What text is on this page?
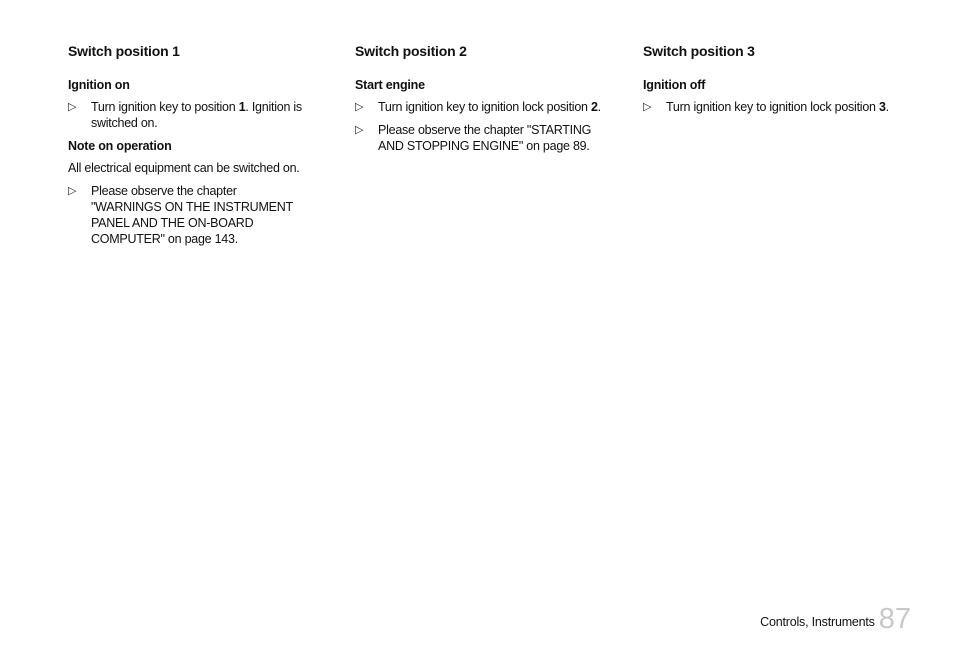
Switch position 1
Ignition on
▷	Turn ignition key to position 1. Ignition is switched on.
Note on operation
All electrical equipment can be switched on.
▷	Please observe the chapter "WARNINGS ON THE INSTRUMENT PANEL AND THE ON-BOARD COMPUTER" on page 143.
Switch position 2
Start engine
▷	Turn ignition key to ignition lock position 2.
▷	Please observe the chapter "STARTING AND STOPPING ENGINE" on page 89.
Switch position 3
Ignition off
▷	Turn ignition key to ignition lock position 3.
Controls, Instruments 87
